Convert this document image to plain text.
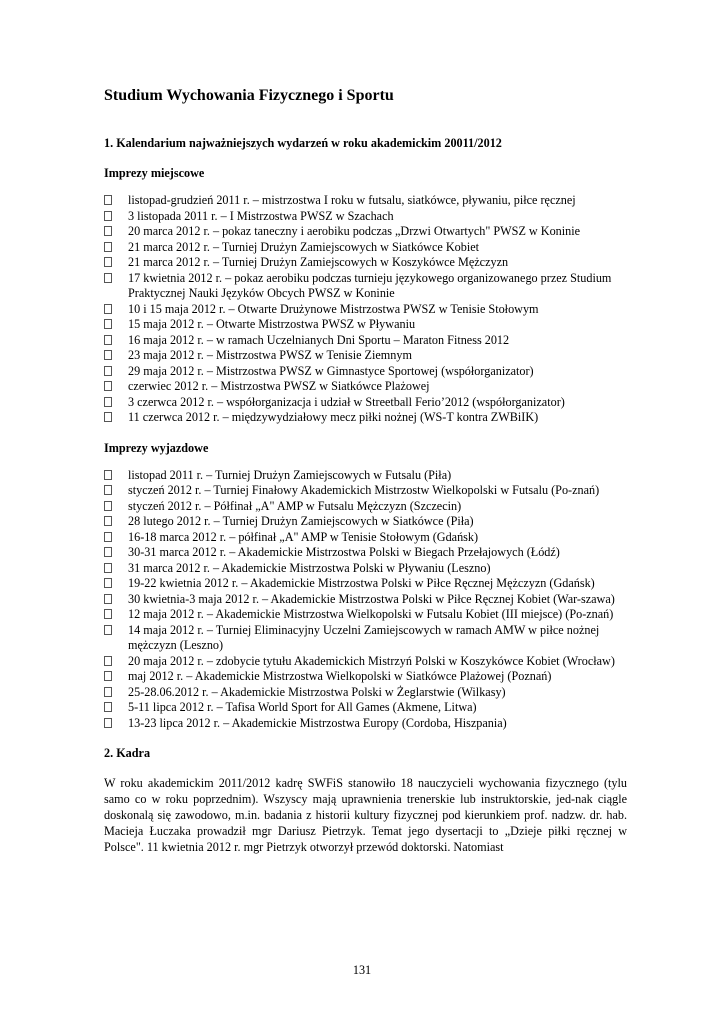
Studium Wychowania Fizycznego i Sportu
1. Kalendarium najważniejszych wydarzeń w roku akademickim 20011/2012
Imprezy miejscowe
listopad-grudzień 2011 r. – mistrzostwa I roku w futsalu, siatkówce, pływaniu, piłce ręcznej
3 listopada 2011 r. – I Mistrzostwa PWSZ w Szachach
20 marca 2012 r. – pokaz taneczny i aerobiku podczas „Drzwi Otwartych" PWSZ w Koninie
21 marca 2012 r. – Turniej Drużyn Zamiejscowych w Siatkówce Kobiet
21 marca 2012 r. – Turniej Drużyn Zamiejscowych w Koszykówce Mężczyzn
17 kwietnia 2012 r. – pokaz aerobiku podczas turnieju językowego organizowanego przez Studium Praktycznej Nauki Języków Obcych PWSZ w Koninie
10 i 15 maja 2012 r. – Otwarte Drużynowe Mistrzostwa PWSZ w Tenisie Stołowym
15 maja 2012 r. – Otwarte Mistrzostwa PWSZ w Pływaniu
16 maja 2012 r. – w ramach Uczelnianych Dni Sportu – Maraton Fitness 2012
23 maja 2012 r. – Mistrzostwa PWSZ w Tenisie Ziemnym
29 maja 2012 r. – Mistrzostwa PWSZ w Gimnastyce Sportowej (współorganizator)
czerwiec 2012 r. – Mistrzostwa PWSZ w Siatkówce Plażowej
3 czerwca 2012 r. – współorganizacja i udział w Streetball Ferio’2012 (współorganizator)
11 czerwca 2012 r. – międzywydziałowy mecz piłki nożnej (WS-T kontra ZWBiIK)
Imprezy wyjazdowe
listopad 2011 r. – Turniej Drużyn Zamiejscowych w Futsalu (Piła)
styczeń 2012 r. – Turniej Finałowy Akademickich Mistrzostw Wielkopolski w Futsalu (Po-znań)
styczeń 2012 r. – Półfinał „A" AMP w Futsalu Mężczyzn (Szczecin)
28 lutego 2012 r. – Turniej Drużyn Zamiejscowych w Siatkówce (Piła)
16-18 marca 2012 r. – półfinał „A" AMP w Tenisie Stołowym (Gdańsk)
30-31 marca 2012 r. – Akademickie Mistrzostwa Polski w Biegach Przełajowych (Łódź)
31 marca 2012 r. – Akademickie Mistrzostwa Polski w Pływaniu (Leszno)
19-22 kwietnia 2012 r. – Akademickie Mistrzostwa Polski w Piłce Ręcznej Mężczyzn (Gdańsk)
30 kwietnia-3 maja 2012 r. – Akademickie Mistrzostwa Polski w Piłce Ręcznej Kobiet (War-szawa)
12 maja 2012 r. – Akademickie Mistrzostwa Wielkopolski w Futsalu Kobiet (III miejsce) (Po-znań)
14 maja 2012 r. – Turniej Eliminacyjny Uczelni Zamiejscowych w ramach AMW w piłce nożnej mężczyzn (Leszno)
20 maja 2012 r. – zdobycie tytułu Akademickich Mistrzyń Polski w Koszykówce Kobiet (Wrocław)
maj 2012 r. – Akademickie Mistrzostwa Wielkopolski w Siatkówce Plażowej (Poznań)
25-28.06.2012 r. – Akademickie Mistrzostwa Polski w Żeglarstwie (Wilkasy)
5-11 lipca 2012 r. – Tafisa World Sport for All Games (Akmene, Litwa)
13-23 lipca 2012 r. – Akademickie Mistrzostwa Europy (Cordoba, Hiszpania)
2. Kadra

W roku akademickim 2011/2012 kadrę SWFiS stanowiło 18 nauczycieli wychowania fizycznego (tylu samo co w roku poprzednim). Wszyscy mają uprawnienia trenerskie lub instruktorskie, jed-nak ciągle doskonalą się zawodowo, m.in. badania z historii kultury fizycznej pod kierunkiem prof. nadzw. dr. hab. Macieja Łuczaka prowadził mgr Dariusz Pietrzyk. Temat jego dysertacji to „Dzieje piłki ręcznej w Polsce". 11 kwietnia 2012 r. mgr Pietrzyk otworzył przewód doktorski. Natomiast

131
